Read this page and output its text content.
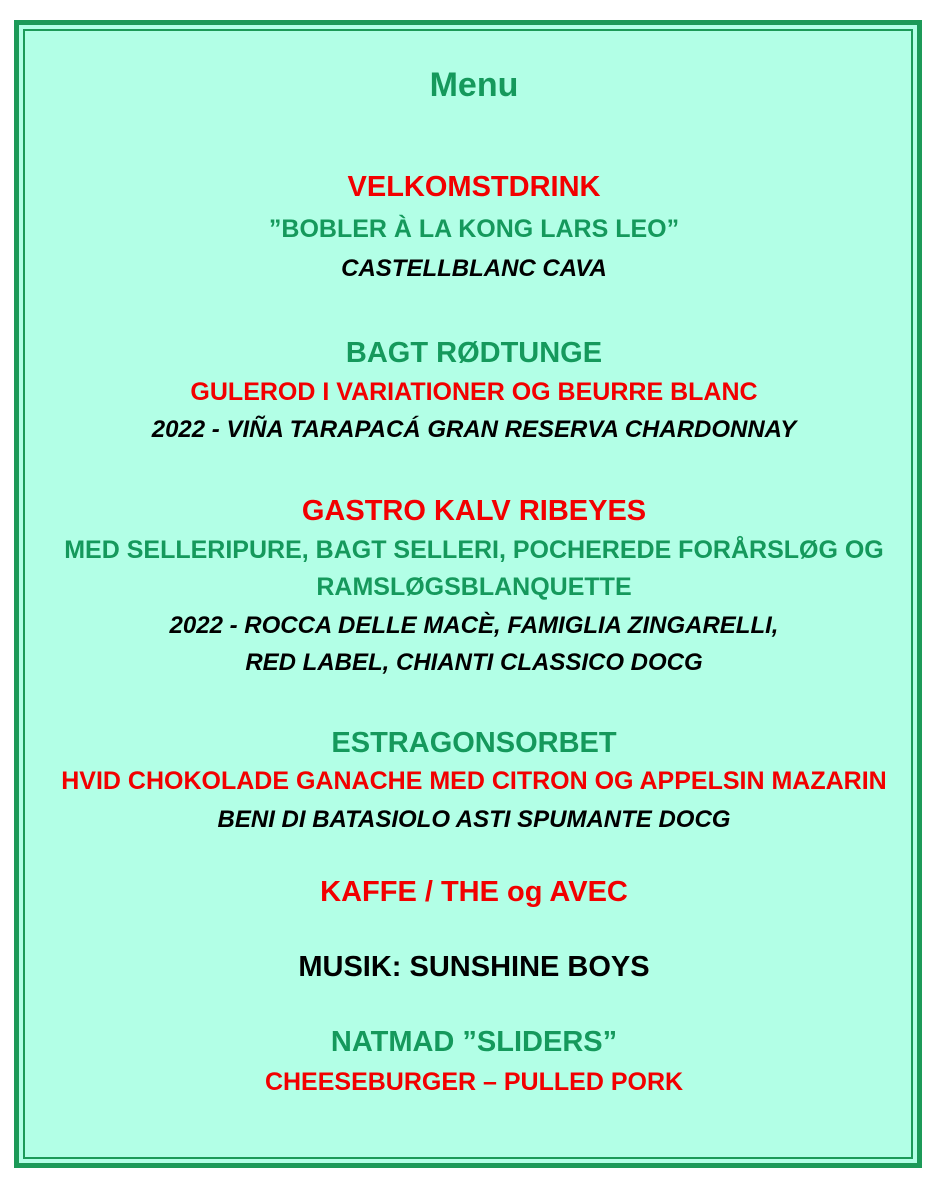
Menu
VELKOMSTDRINK
”BOBLER À LA KONG LARS LEO”
CASTELLBLANC CAVA
BAGT RØDTUNGE
GULEROD I VARIATIONER OG BEURRE BLANC
2022 - VIÑA TARAPACÁ GRAN RESERVA CHARDONNAY
GASTRO KALV RIBEYES
MED SELLERIPURE, BAGT SELLERI, POCHEREDE FORÅRSLØG OG
RAMSLØGSBLANQUETTE
2022 - ROCCA DELLE MACÈ, FAMIGLIA ZINGARELLI,
RED LABEL, CHIANTI CLASSICO DOCG
ESTRAGONSORBET
HVID CHOKOLADE GANACHE MED CITRON OG APPELSIN MAZARIN
BENI DI BATASIOLO ASTI SPUMANTE DOCG
KAFFE / THE og AVEC
MUSIK: SUNSHINE BOYS
NATMAD ”SLIDERS”
CHEESEBURGER – PULLED PORK
